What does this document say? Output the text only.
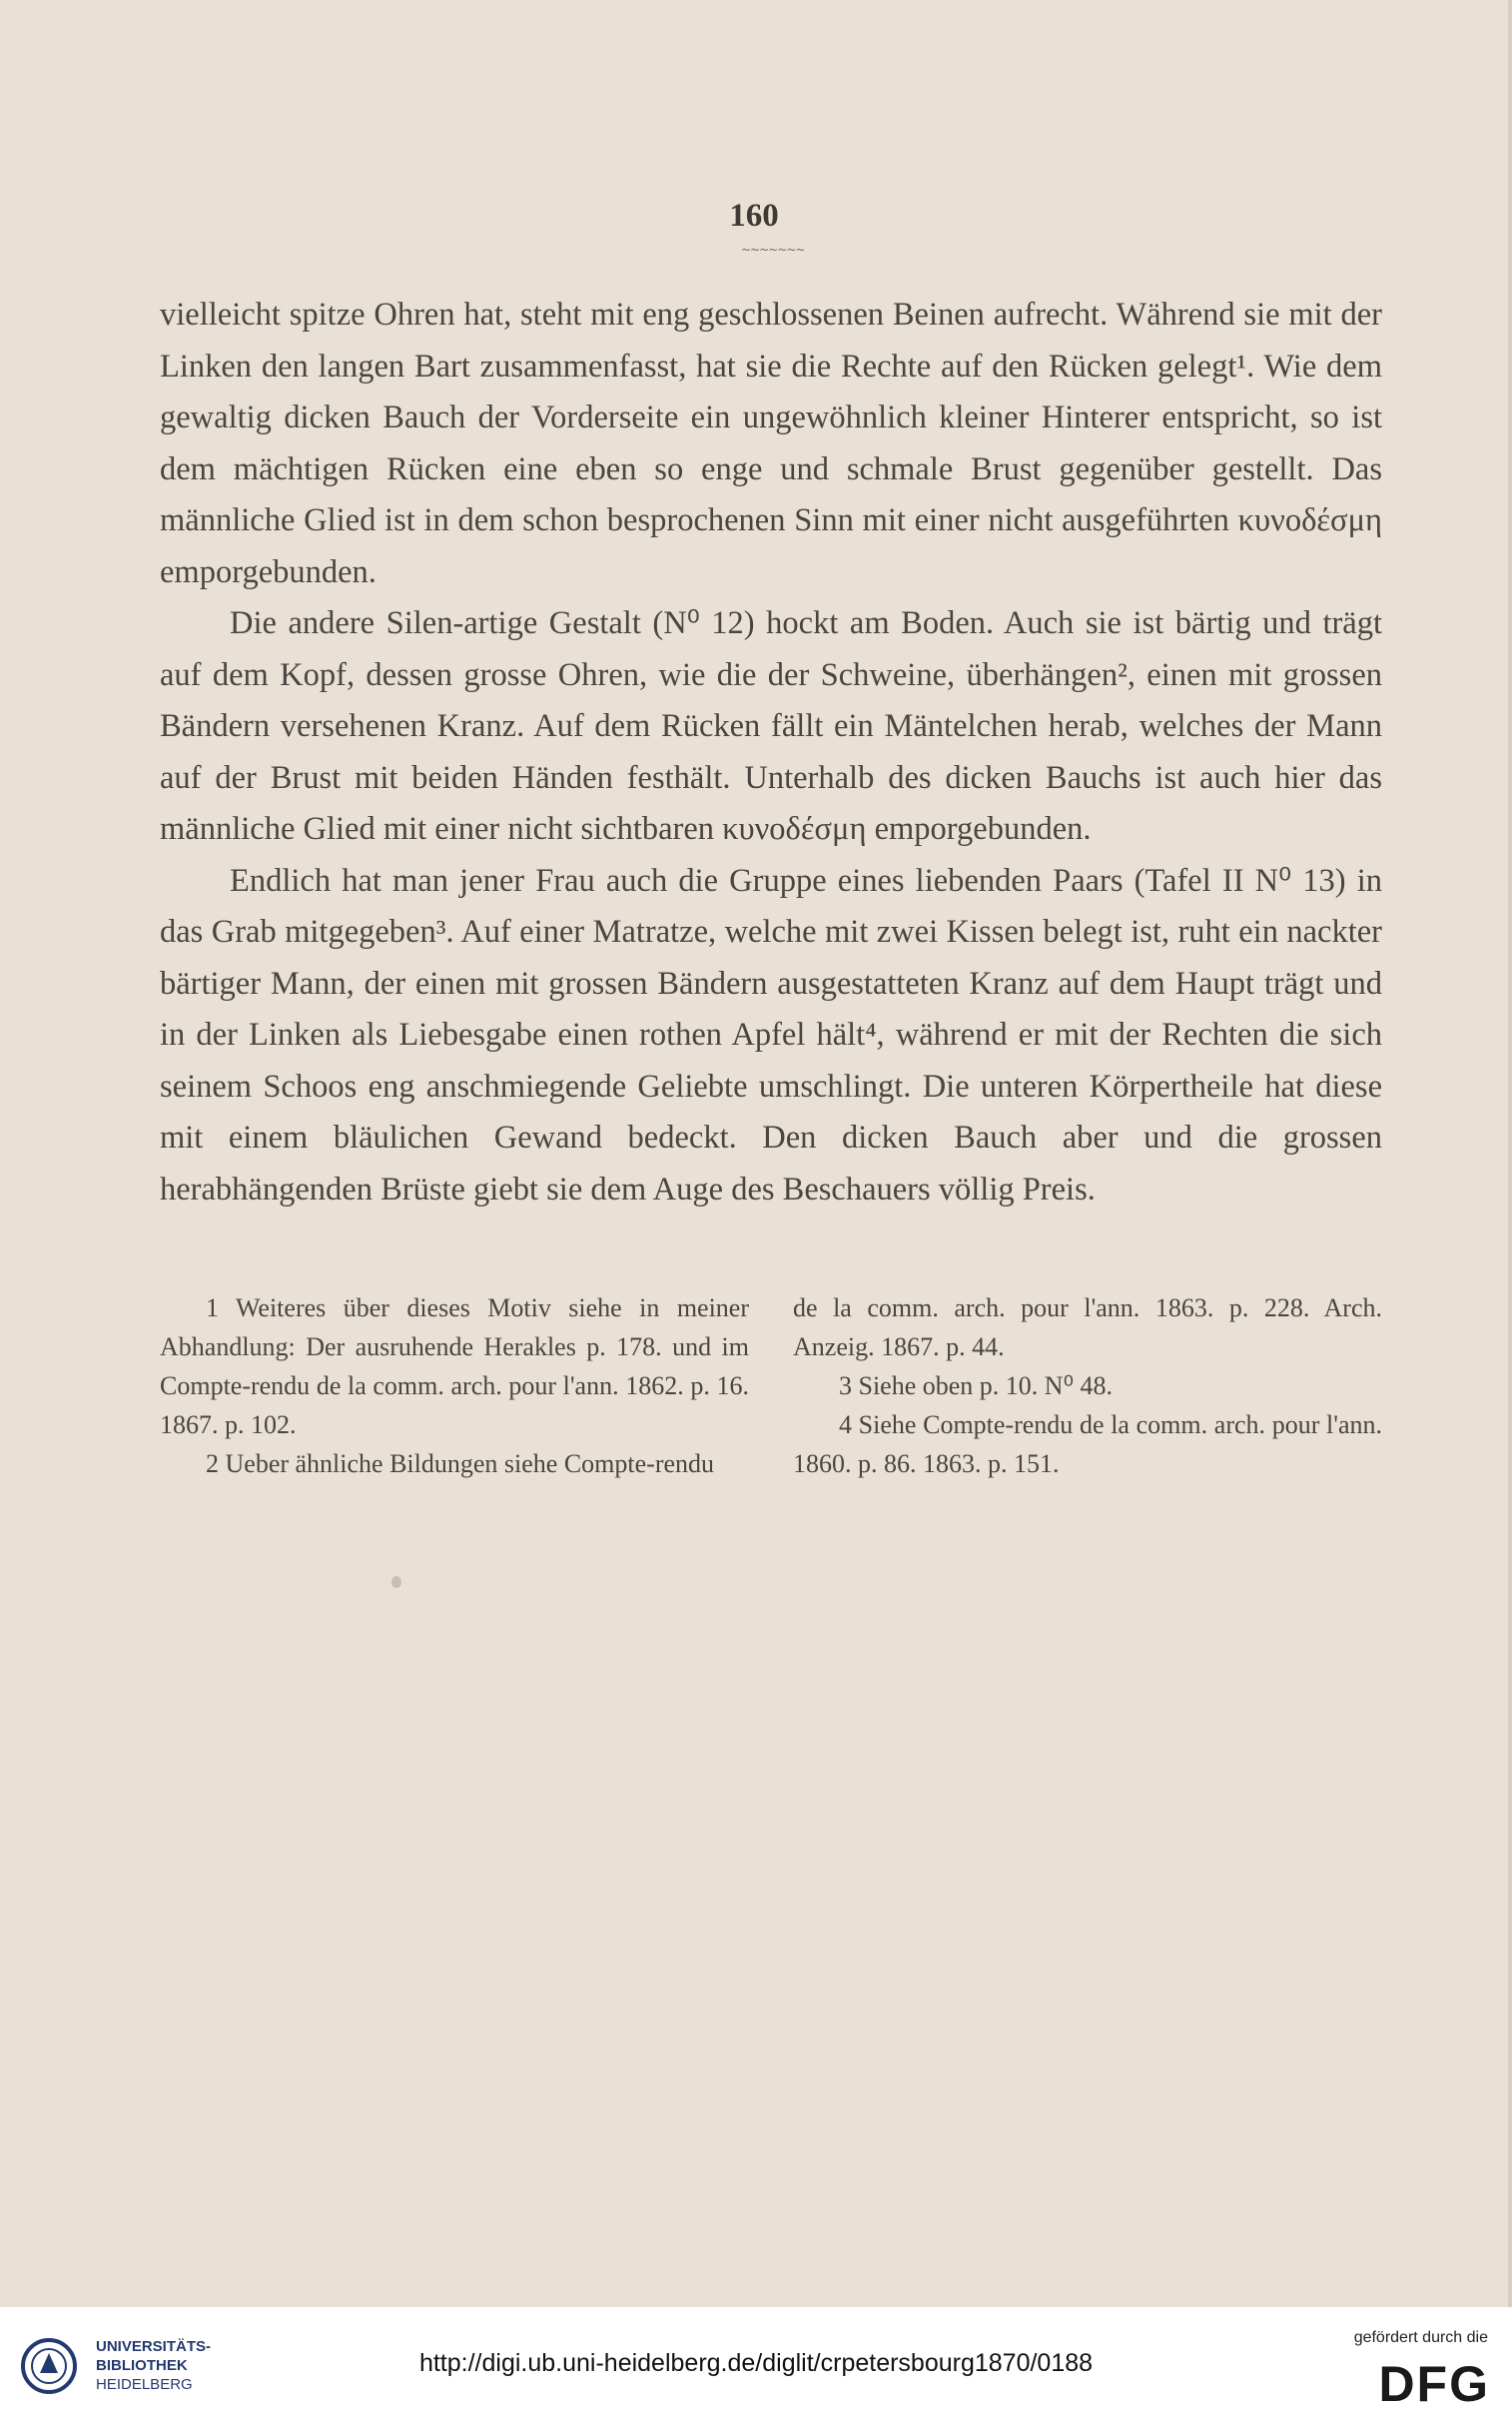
160
~~~~~~~

vielleicht spitze Ohren hat, steht mit eng geschlossenen Beinen aufrecht. Während sie mit der Linken den langen Bart zusammenfasst, hat sie die Rechte auf den Rücken gelegt¹. Wie dem gewaltig dicken Bauch der Vorderseite ein ungewöhnlich kleiner Hinterer entspricht, so ist dem mächtigen Rücken eine eben so enge und schmale Brust gegenüber gestellt. Das männliche Glied ist in dem schon besprochenen Sinn mit einer nicht ausgeführten κυνοδέσμη emporgebunden.

Die andere Silen-artige Gestalt (N⁰ 12) hockt am Boden. Auch sie ist bärtig und trägt auf dem Kopf, dessen grosse Ohren, wie die der Schweine, überhängen², einen mit grossen Bändern versehenen Kranz. Auf dem Rücken fällt ein Mäntelchen herab, welches der Mann auf der Brust mit beiden Händen festhält. Unterhalb des dicken Bauchs ist auch hier das männliche Glied mit einer nicht sichtbaren κυνοδέσμη emporgebunden.

Endlich hat man jener Frau auch die Gruppe eines liebenden Paars (Tafel II N⁰ 13) in das Grab mitgegeben³. Auf einer Matratze, welche mit zwei Kissen belegt ist, ruht ein nackter bärtiger Mann, der einen mit grossen Bändern ausgestatteten Kranz auf dem Haupt trägt und in der Linken als Liebesgabe einen rothen Apfel hält⁴, während er mit der Rechten die sich seinem Schoos eng anschmiegende Geliebte umschlingt. Die unteren Körpertheile hat diese mit einem bläulichen Gewand bedeckt. Den dicken Bauch aber und die grossen herabhängenden Brüste giebt sie dem Auge des Beschauers völlig Preis.

1 Weiteres über dieses Motiv siehe in meiner Abhandlung: Der ausruhende Herakles p. 178. und im Compte-rendu de la comm. arch. pour l'ann. 1862. p. 16. 1867. p. 102.

2 Ueber ähnliche Bildungen siehe Compte-rendu

de la comm. arch. pour l'ann. 1863. p. 228. Arch. Anzeig. 1867. p. 44.

3 Siehe oben p. 10. N⁰ 48.

4 Siehe Compte-rendu de la comm. arch. pour l'ann. 1860. p. 86. 1863. p. 151.

UNIVERSITÄTS-
BIBLIOTHEK
HEIDELBERG
http://digi.ub.uni-heidelberg.de/diglit/crpetersbourg1870/0188
gefördert durch die
DFG
